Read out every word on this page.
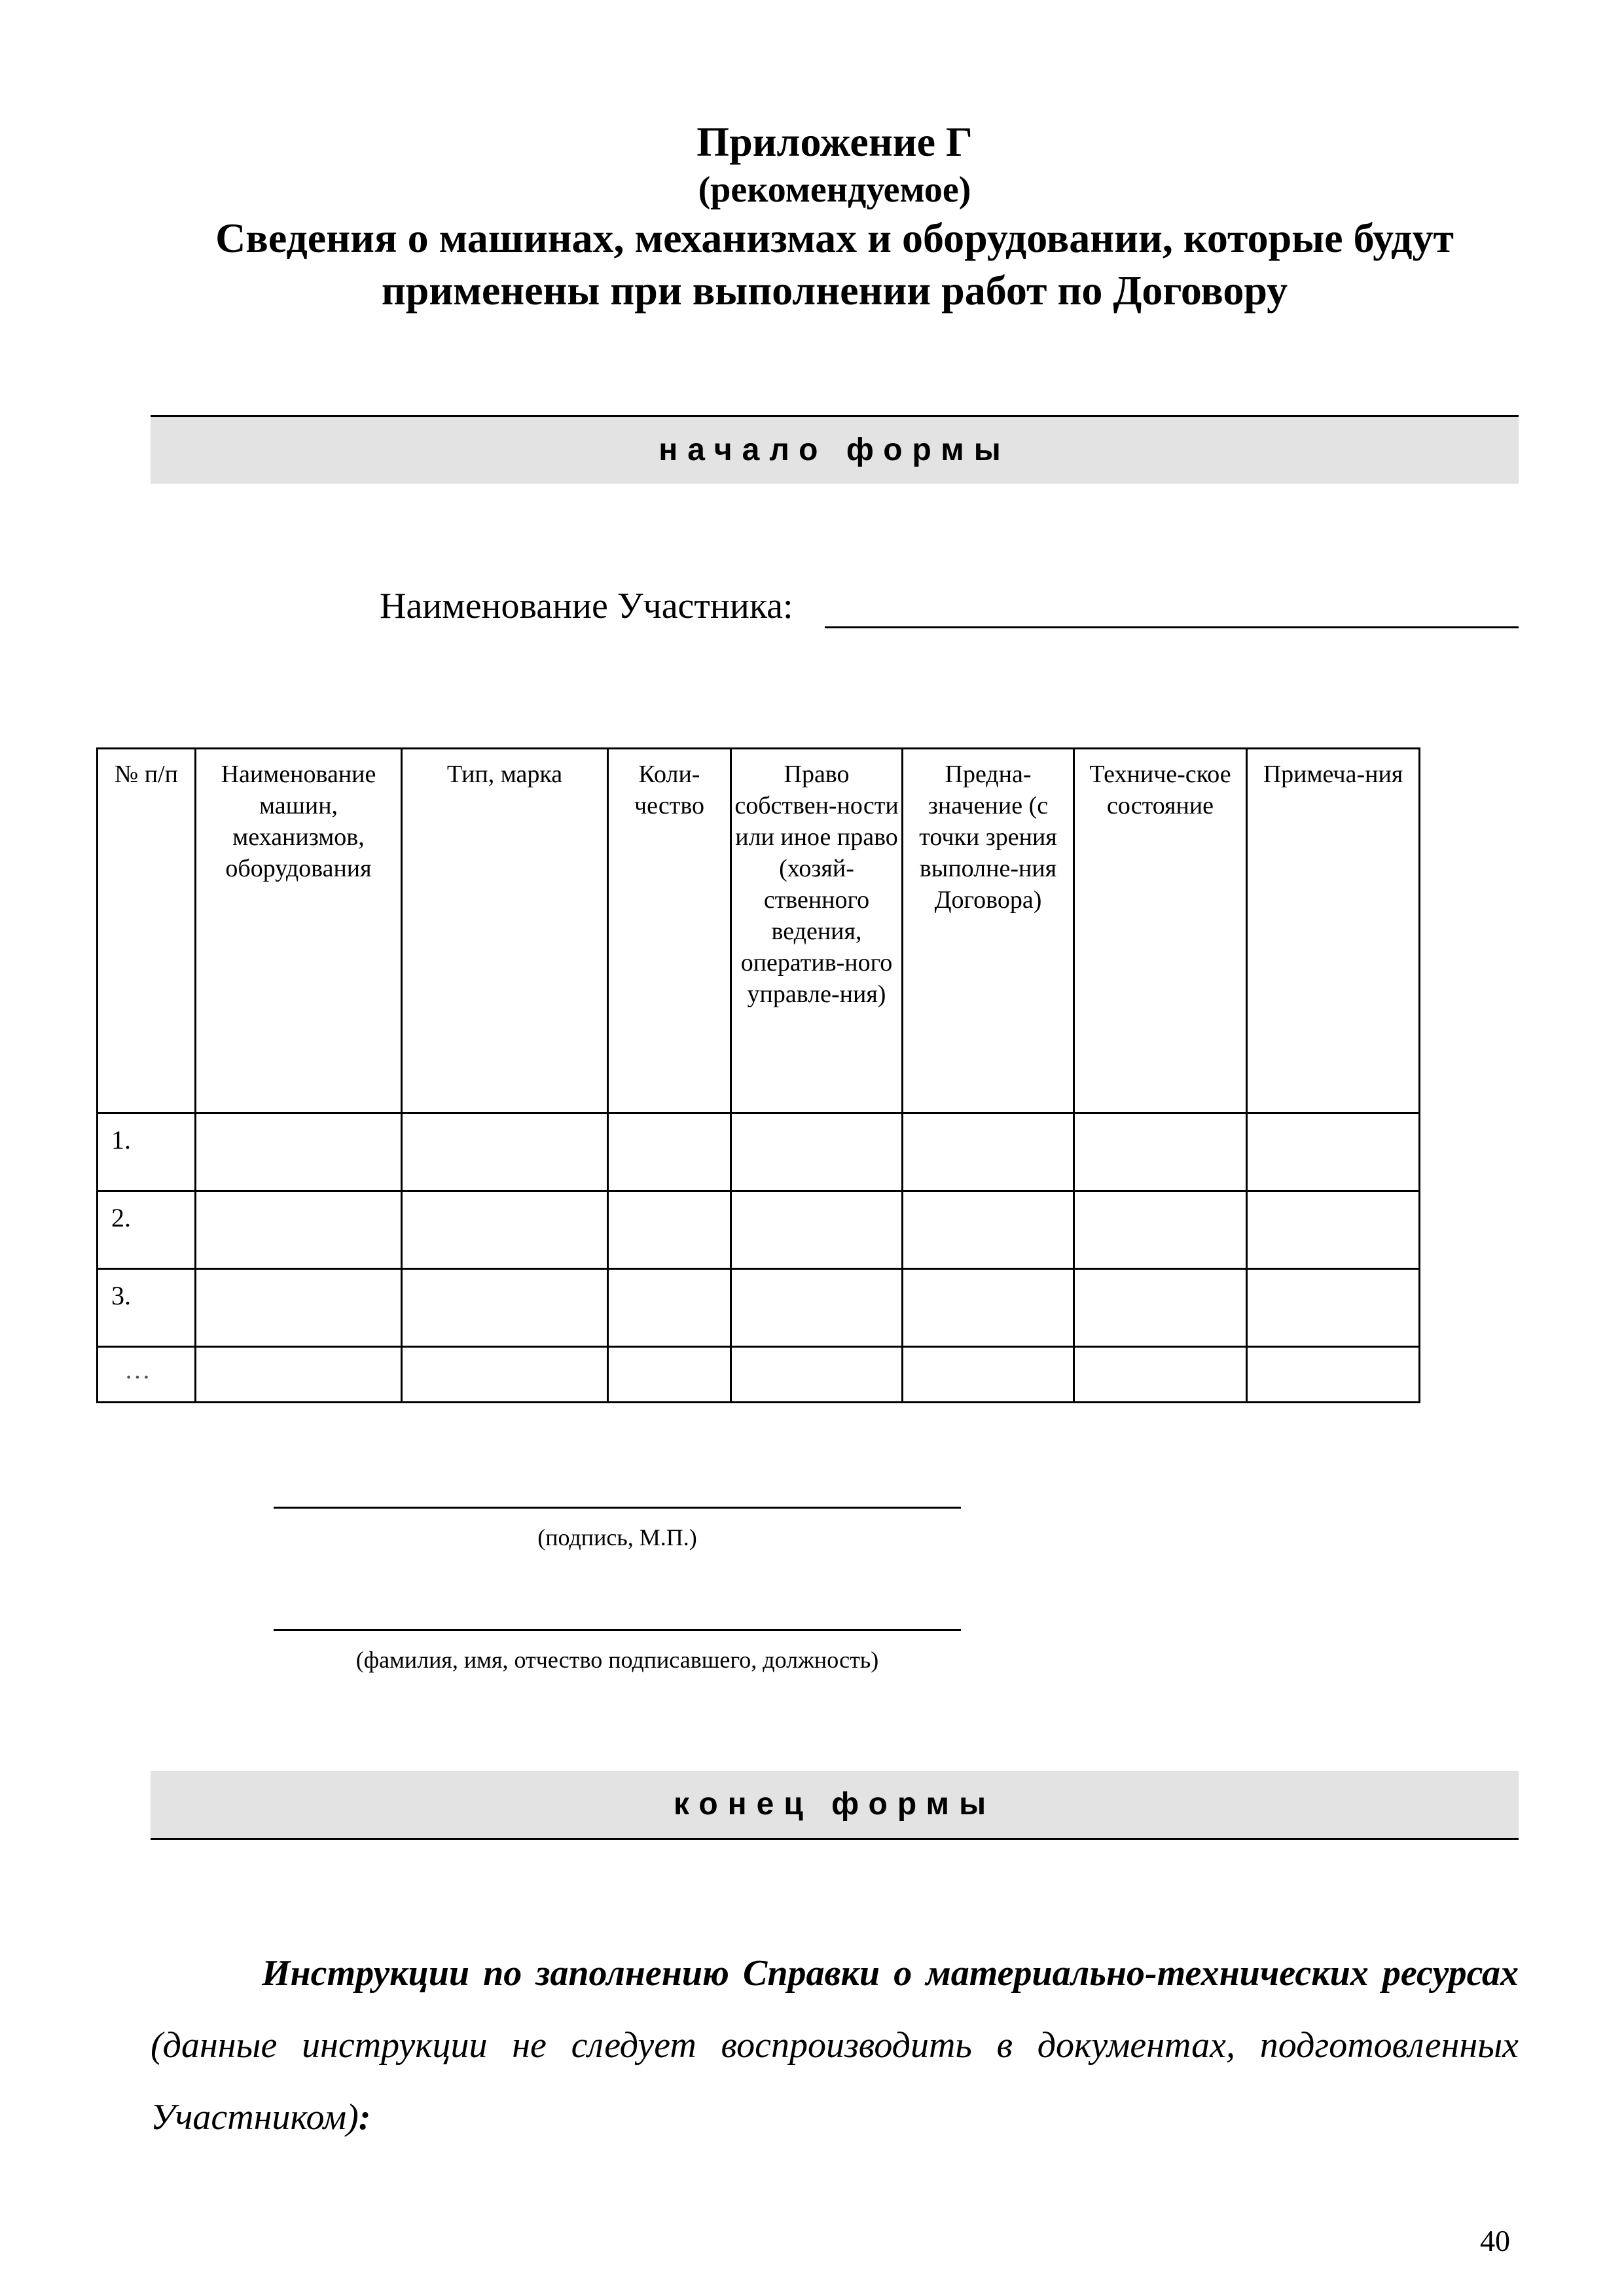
Приложение Г
(рекомендуемое)
Сведения о машинах, механизмах и оборудовании, которые будут
применены при выполнении работ по Договору
начало формы
Наименование Участника:
№ п/п	Наименование машин, механизмов, оборудования	Тип, марка	Коли-чество	Право собствен-ности или иное право (хозяй-ственного ведения, оператив-ного управле-ния)	Предна-значение (с точки зрения выполне-ния Договора)	Техниче-ское состояние	Примеча-ния
1.							
2.							
3.							
…							
(подпись, М.П.)
(фамилия, имя, отчество подписавшего, должность)
конец формы
Инструкции по заполнению Справки о материально-технических ресурсах (данные инструкции не следует воспроизводить в документах, подготовленных Участником):
40
